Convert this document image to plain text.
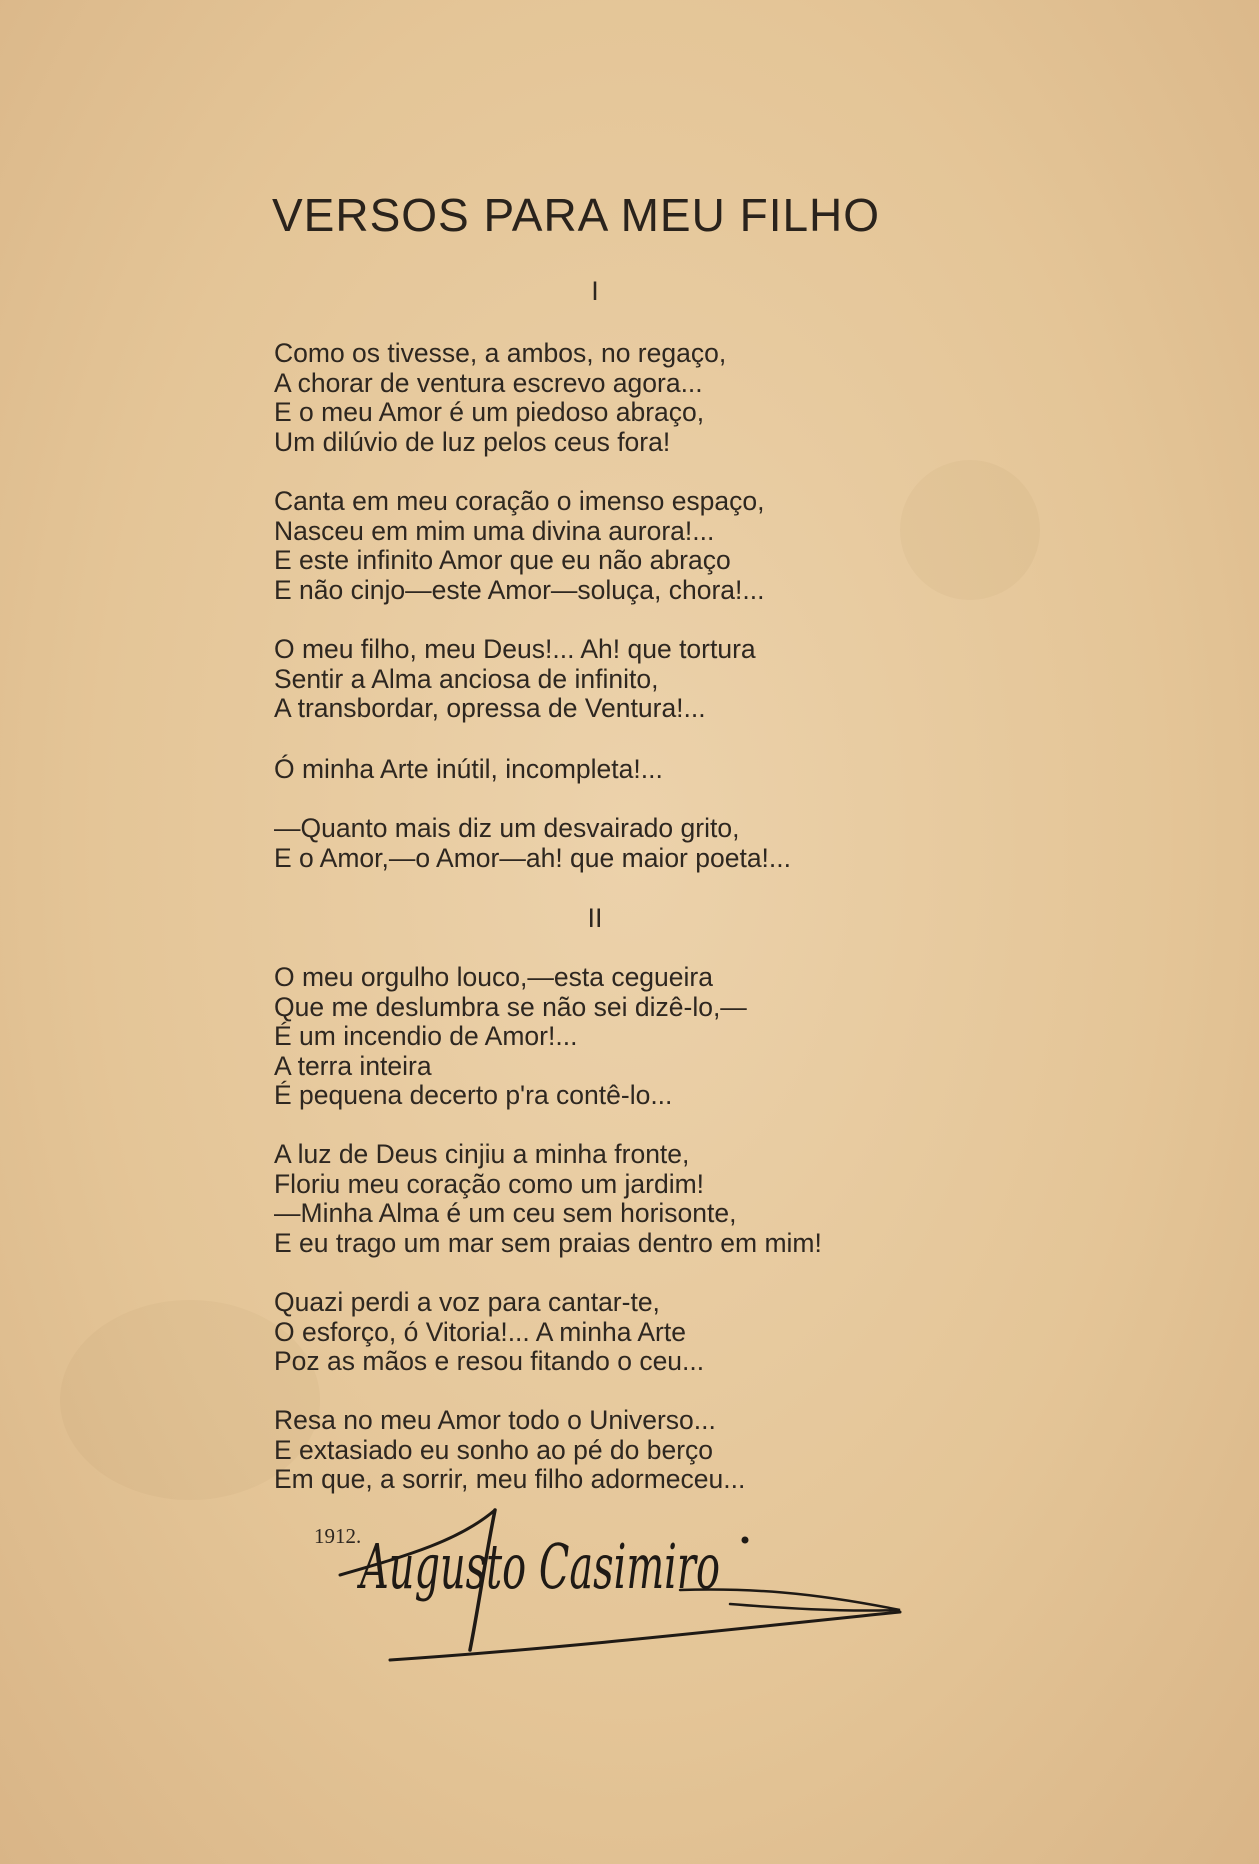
VERSOS PARA MEU FILHO
I
Como os tivesse, a ambos, no regaço,
A chorar de ventura escrevo agora...
E o meu Amor é um piedoso abraço,
Um dilúvio de luz pelos ceus fora!
Canta em meu coração o imenso espaço,
Nasceu em mim uma divina aurora!...
E este infinito Amor que eu não abraço
E não cinjo—este Amor—soluça, chora!...
O meu filho, meu Deus!... Ah! que tortura
Sentir a Alma anciosa de infinito,
A transbordar, opressa de Ventura!...
Ó minha Arte inútil, incompleta!...
—Quanto mais diz um desvairado grito,
E o Amor,—o Amor—ah! que maior poeta!...
II
O meu orgulho louco,—esta cegueira
Que me deslumbra se não sei dizê-lo,—
É um incendio de Amor!...
A terra inteira
É pequena decerto p'ra contê-lo...
A luz de Deus cinjiu a minha fronte,
Floriu meu coração como um jardim!
—Minha Alma é um ceu sem horisonte,
E eu trago um mar sem praias dentro em mim!
Quazi perdi a voz para cantar-te,
O esforço, ó Vitoria!... A minha Arte
Poz as mãos e resou fitando o ceu...
Resa no meu Amor todo o Universo...
E extasiado eu sonho ao pé do berço
Em que, a sorrir, meu filho adormeceu...
1912.
Augusto Casimiro
